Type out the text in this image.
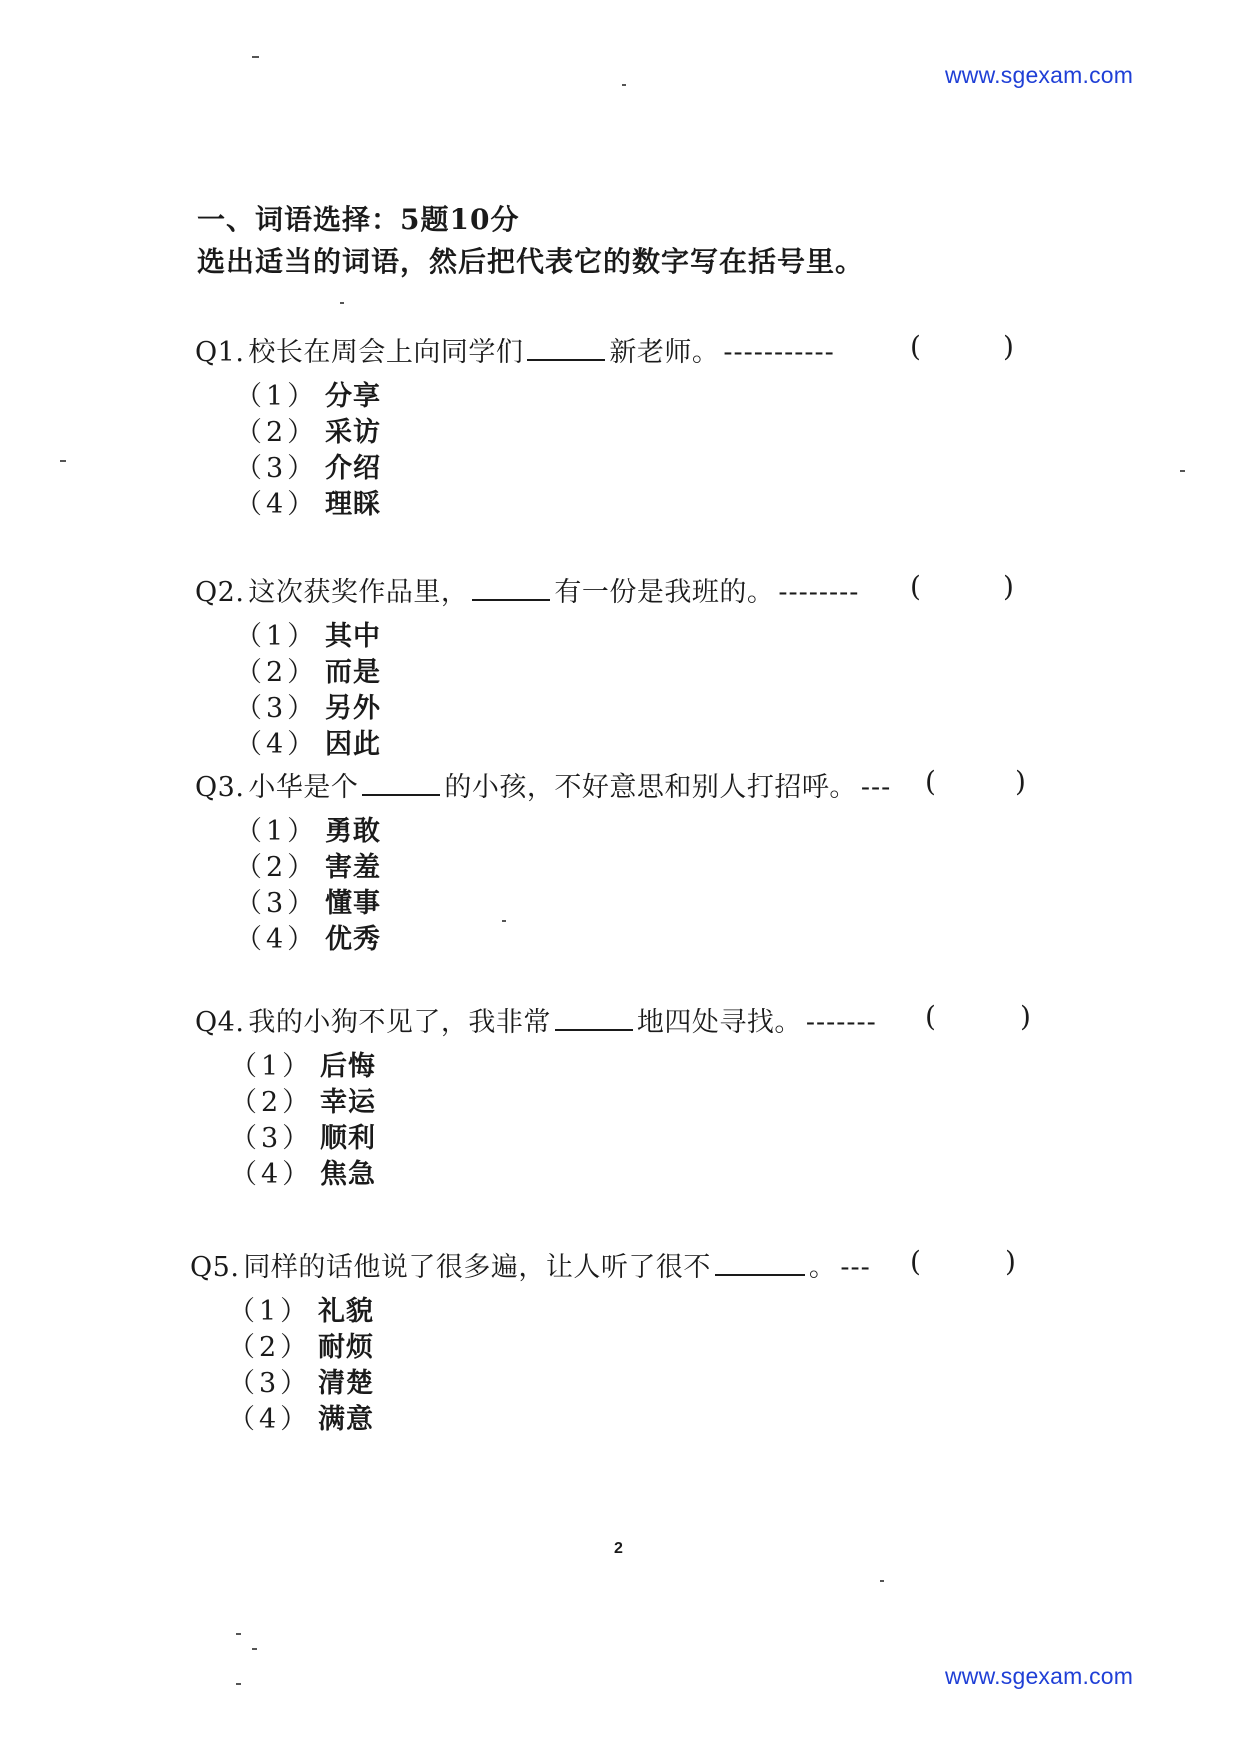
www.sgexam.com
一、词语选择：5题10分
选出适当的词语，然后把代表它的数字写在括号里。
Q1. 校长在周会上向同学们	新老师。 -----------	(	)
（1） 分享
（2） 采访
（3） 介绍
（4） 理睬
Q2. 这次获奖作品里，	有一份是我班的。 -------- (	)
（1） 其中
（2） 而是
（3） 另外
（4） 因此
Q3. 小华是个	的小孩，不好意思和别人打招呼。 --- (	)
（1） 勇敢
（2） 害羞
（3） 懂事
（4） 优秀
Q4. 我的小狗不见了，我非常	地四处寻找。 ------- (	)
（1） 后悔
（2） 幸运
（3） 顺利
（4） 焦急
Q5. 同样的话他说了很多遍，让人听了很不	。 --- (	)
（1） 礼貌
（2） 耐烦
（3） 清楚
（4） 满意
2
www.sgexam.com
